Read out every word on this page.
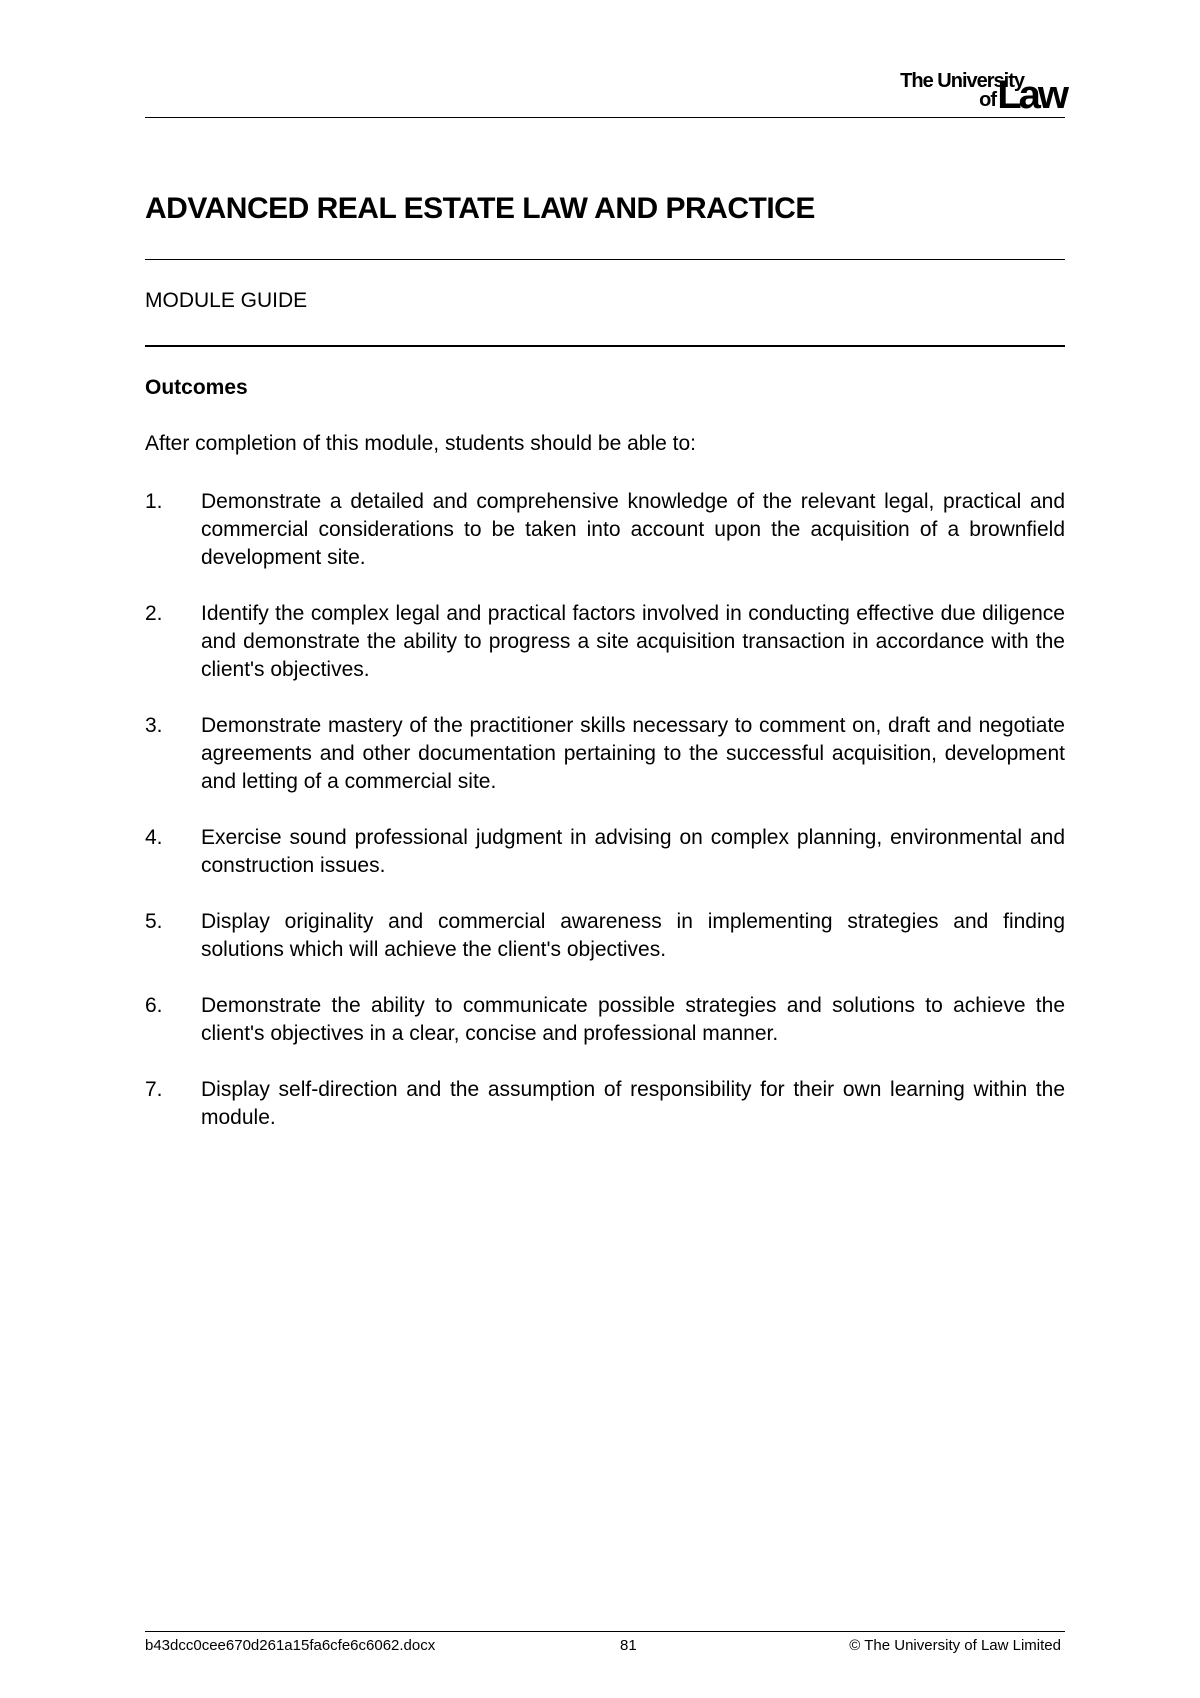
The University
of Law
ADVANCED REAL ESTATE LAW AND PRACTICE
MODULE GUIDE
Outcomes

After completion of this module, students should be able to:

1.	Demonstrate a detailed and comprehensive knowledge of the relevant legal, practical and commercial considerations to be taken into account upon the acquisition of a brownfield development site.
2.	Identify the complex legal and practical factors involved in conducting effective due diligence and demonstrate the ability to progress a site acquisition transaction in accordance with the client's objectives.
3.	Demonstrate mastery of the practitioner skills necessary to comment on, draft and negotiate agreements and other documentation pertaining to the successful acquisition, development and letting of a commercial site.
4.	Exercise sound professional judgment in advising on complex planning, environmental and construction issues.
5.	Display originality and commercial awareness in implementing strategies and finding solutions which will achieve the client's objectives.
6.	Demonstrate the ability to communicate possible strategies and solutions to achieve the client's objectives in a clear, concise and professional manner.
7.	Display self-direction and the assumption of responsibility for their own learning within the module.
b43dcc0cee670d261a15fa6cfe6c6062.docx	81	© The University of Law Limited
